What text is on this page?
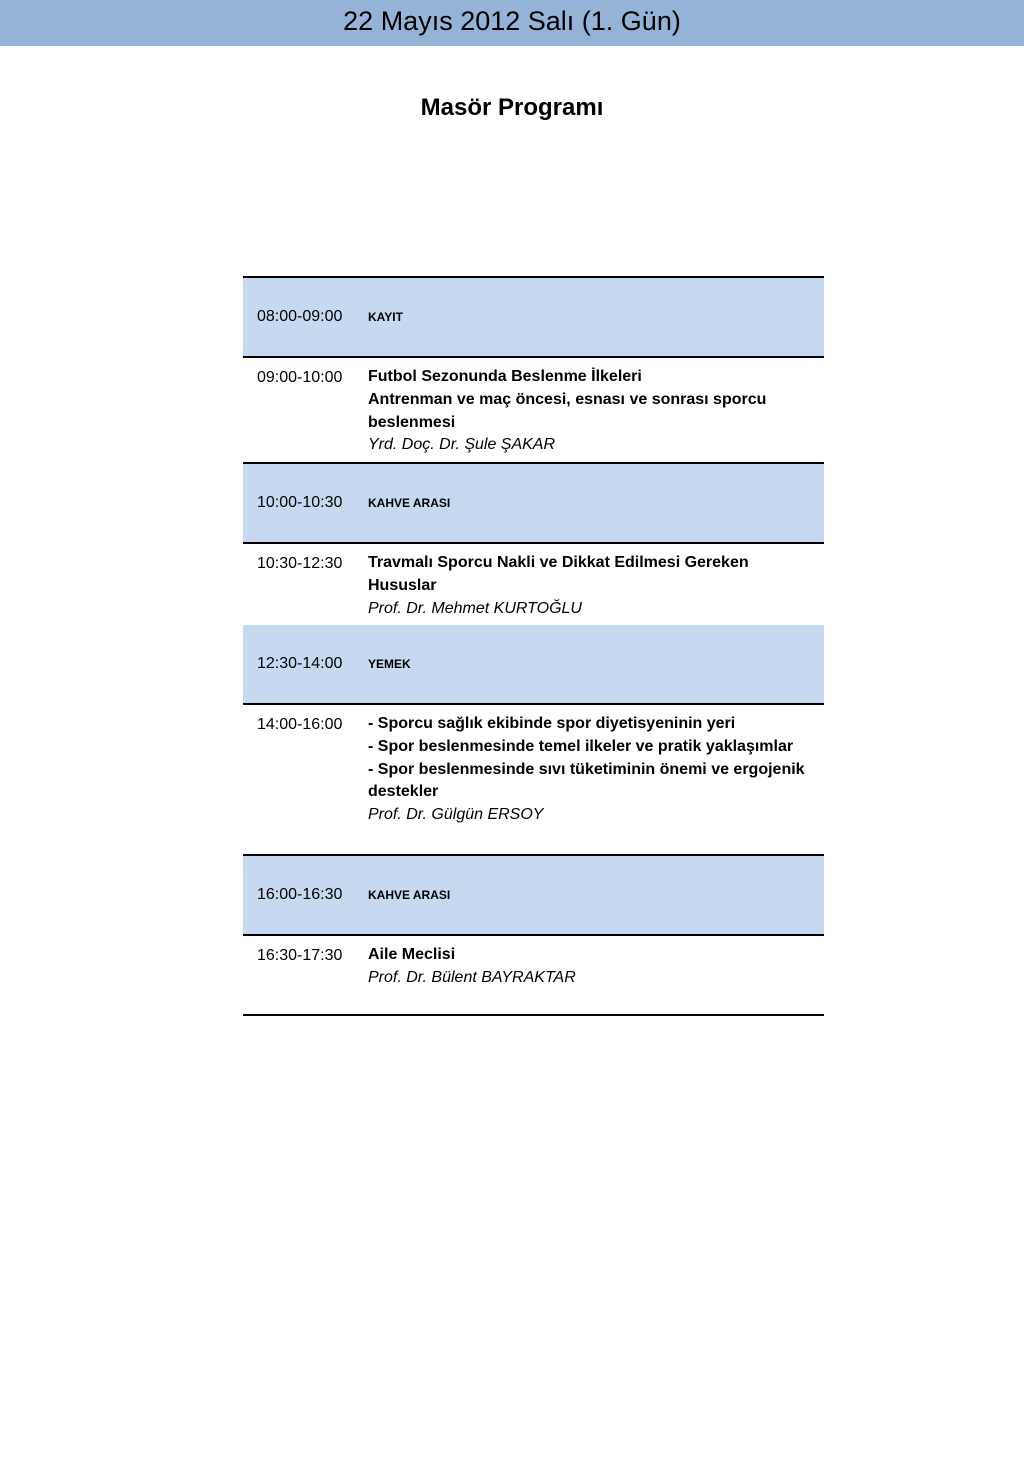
22 Mayıs 2012 Salı (1. Gün)
Masör Programı
08:00-09:00	KAYIT
09:00-10:00	Futbol Sezonunda Beslenme İlkeleri
Antrenman ve maç öncesi, esnası ve sonrası sporcu beslenmesi
Yrd. Doç. Dr. Şule ŞAKAR
10:00-10:30	KAHVE ARASI
10:30-12:30	Travmalı Sporcu Nakli ve Dikkat Edilmesi Gereken Hususlar
Prof. Dr. Mehmet KURTOĞLU
12:30-14:00	YEMEK
14:00-16:00	- Sporcu sağlık ekibinde spor diyetisyeninin yeri
- Spor beslenmesinde temel ilkeler ve pratik yaklaşımlar
- Spor beslenmesinde sıvı tüketiminin önemi ve ergojenik destekler
Prof. Dr. Gülgün ERSOY
16:00-16:30	KAHVE ARASI
16:30-17:30	Aile Meclisi
Prof. Dr. Bülent BAYRAKTAR
